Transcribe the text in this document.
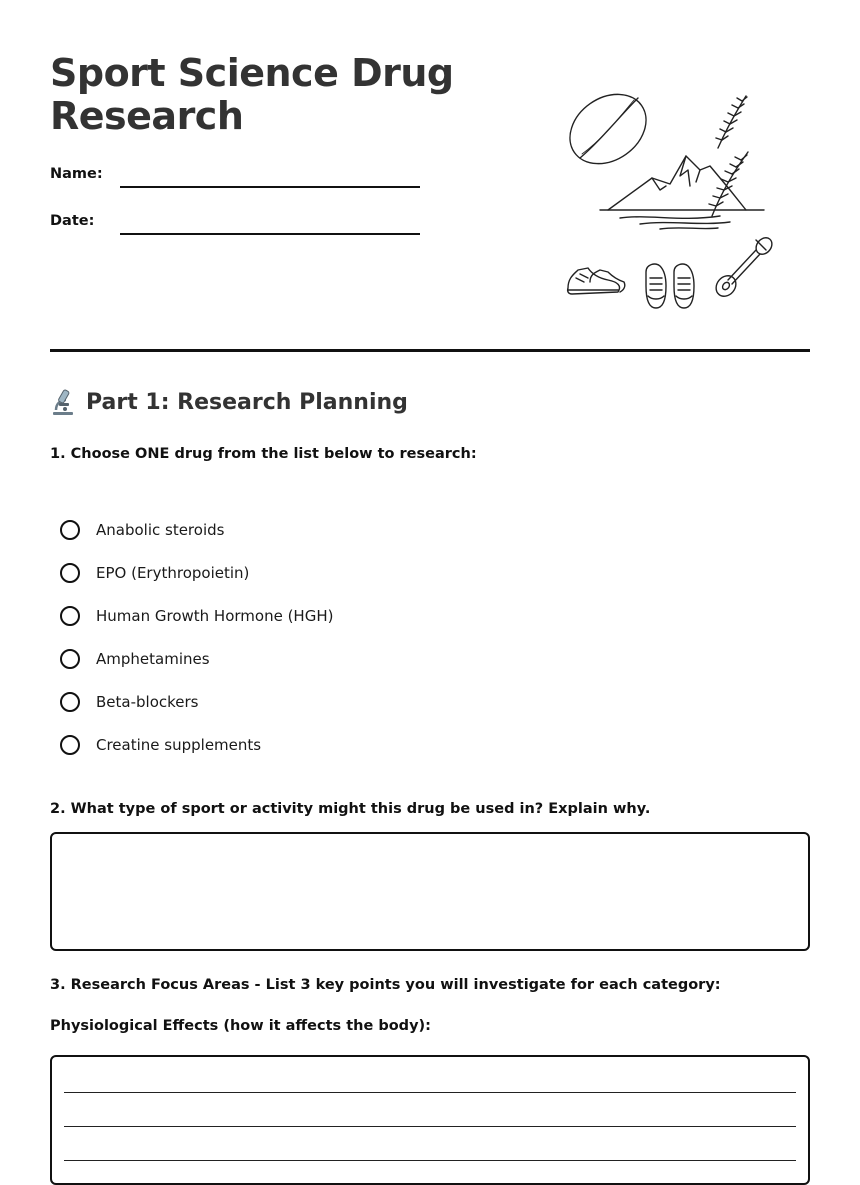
Sport Science Drug Research
Name:
Date:
Part 1: Research Planning
1. Choose ONE drug from the list below to research:
Anabolic steroids
EPO (Erythropoietin)
Human Growth Hormone (HGH)
Amphetamines
Beta-blockers
Creatine supplements
2. What type of sport or activity might this drug be used in? Explain why.
3. Research Focus Areas - List 3 key points you will investigate for each category:
Physiological Effects (how it affects the body):
